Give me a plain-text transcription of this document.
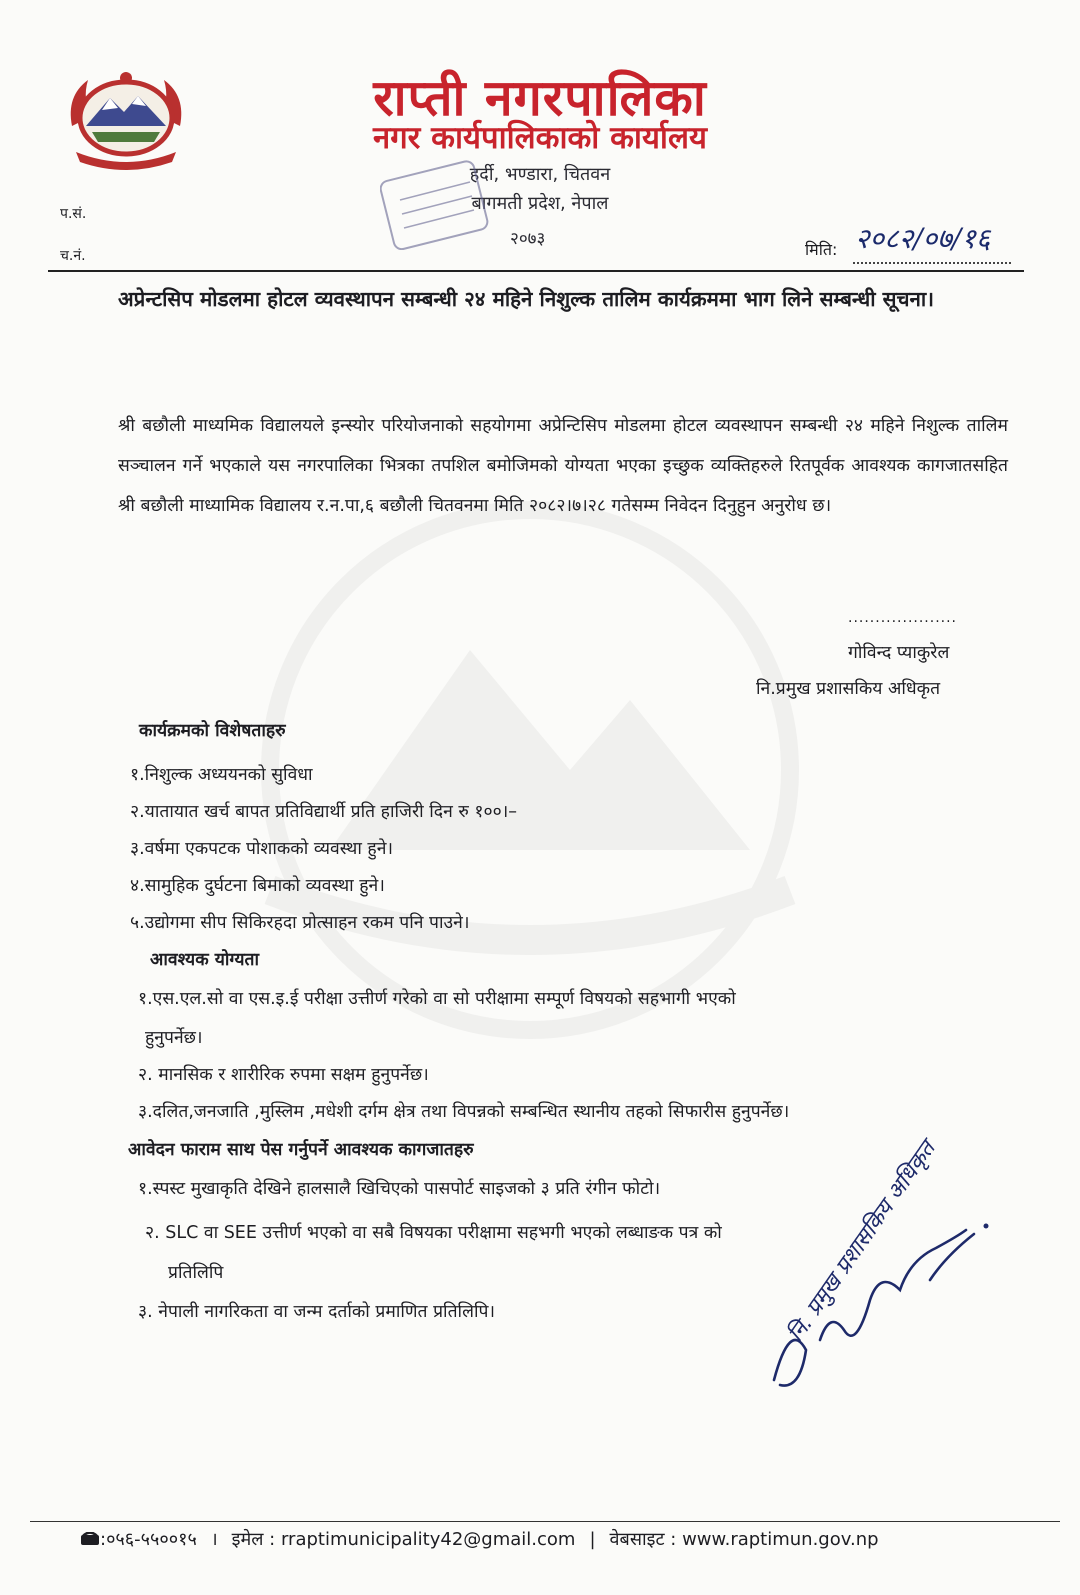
राप्ती नगरपालिका
नगर कार्यपालिकाको कार्यालय
हर्दी, भण्डारा, चितवन
बागमती प्रदेश, नेपाल
२०७३
प.सं.
च.नं.	मिति: २०८२/०७/१६
अप्रेन्टसिप मोडलमा होटल व्यवस्थापन सम्बन्धी २४ महिने निशुल्क तालिम कार्यक्रममा भाग लिने सम्बन्धी सूचना।
श्री बछौली माध्यमिक विद्यालयले इन्स्योर परियोजनाको सहयोगमा अप्रेन्टिसिप मोडलमा होटल व्यवस्थापन सम्बन्धी २४ महिने निशुल्क तालिम सञ्चालन गर्ने भएकाले यस नगरपालिका भित्रका तपशिल बमोजिमको योग्यता भएका इच्छुक व्यक्तिहरुले रितपूर्वक आवश्यक कागजातसहित श्री बछौली माध्यामिक विद्यालय र.न.पा,६ बछौली चितवनमा मिति २०८२।७।२८ गतेसम्म निवेदन दिनुहुन अनुरोध छ।
....................
गोविन्द प्याकुरेल
नि.प्रमुख प्रशासकिय अधिकृत
कार्यक्रमको विशेषताहरु
१.निशुल्क अध्ययनको सुविधा
२.यातायात खर्च बापत प्रतिविद्यार्थी प्रति हाजिरी दिन रु १००।–
३.वर्षमा एकपटक पोशाकको व्यवस्था हुने।
४.सामुहिक दुर्घटना बिमाको व्यवस्था हुने।
५.उद्योगमा सीप सिकिरहदा प्रोत्साहन रकम पनि पाउने।
आवश्यक योग्यता
१.एस.एल.सो वा एस.इ.ई परीक्षा उत्तीर्ण गरेको वा सो परीक्षामा सम्पूर्ण विषयको सहभागी भएको
हुनुपर्नेछ।
२. मानसिक र शारीरिक रुपमा सक्षम हुनुपर्नेछ।
३.दलित,जनजाति ,मुस्लिम ,मधेशी दर्गम क्षेत्र तथा विपन्नको सम्बन्धित स्थानीय तहको सिफारीस हुनुपर्नेछ।
आवेदन फाराम साथ पेस गर्नुपर्ने आवश्यक कागजातहरु
१.स्पस्ट मुखाकृति देखिने हालसालै खिचिएको पासपोर्ट साइजको ३ प्रति रंगीन फोटो।
२. SLC वा SEE उत्तीर्ण भएको वा सबै विषयका परीक्षामा सहभगी भएको लब्धाङक पत्र को
प्रतिलिपि
३. नेपाली नागरिकता वा जन्म दर्ताको प्रमाणित प्रतिलिपि।	नि. प्रमुख प्रशासकिय अधिकृत
:०५६-५५००१५ । इमेल : rraptimunicipality42@gmail.com | वेबसाइट : www.raptimun.gov.np
